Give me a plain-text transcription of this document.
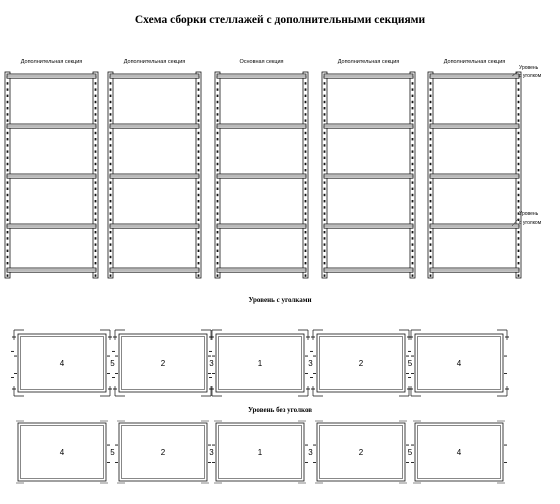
Схема сборки стеллажей с дополнительными секциями
Дополнительная секция	Дополнительная секция	Основная секция	Дополнительная секция	Дополнительная секция
Уровень
с уголком
Уровень
с уголком
Уровень с уголками
4	2	1	2	4
5	3	3	5
Уровень без уголков
4	2	1	2	4
5	3	3	5
